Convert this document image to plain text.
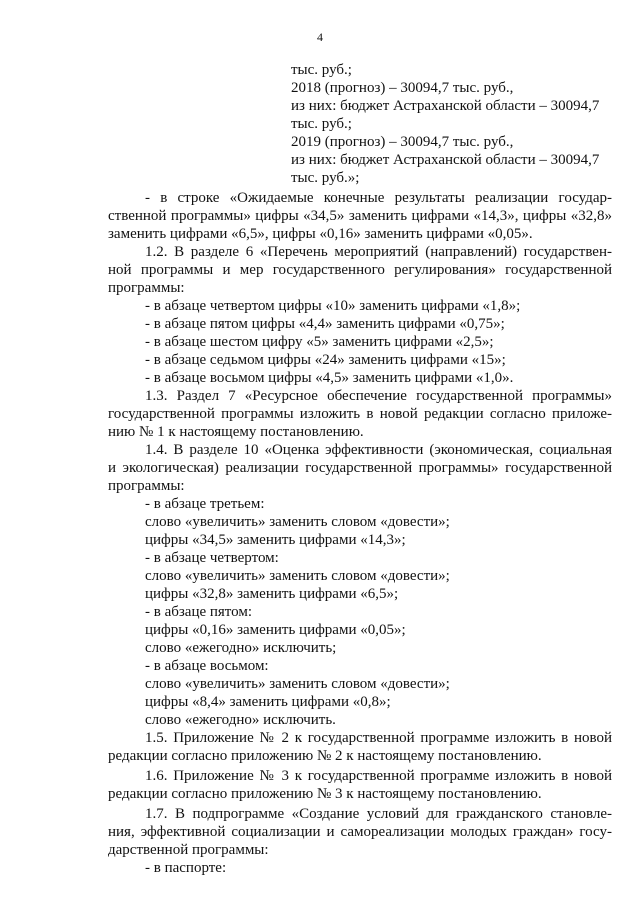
4
тыс. руб.;
2018 (прогноз) – 30094,7 тыс. руб.,
из них: бюджет Астраханской области – 30094,7
тыс. руб.;
2019 (прогноз) – 30094,7 тыс. руб.,
из них: бюджет Астраханской области – 30094,7
тыс. руб.»;
- в строке «Ожидаемые конечные результаты реализации государ-
ственной программы» цифры «34,5» заменить цифрами «14,3», цифры «32,8»
заменить цифрами «6,5», цифры «0,16» заменить цифрами «0,05».
1.2. В разделе 6 «Перечень мероприятий (направлений) государствен-
ной программы и мер государственного регулирования» государственной
программы:
- в абзаце четвертом цифры «10» заменить цифрами «1,8»;
- в абзаце пятом цифры «4,4» заменить цифрами «0,75»;
- в абзаце шестом цифру «5» заменить цифрами «2,5»;
- в абзаце седьмом цифры «24» заменить цифрами «15»;
- в абзаце восьмом цифры «4,5» заменить цифрами «1,0».
1.3. Раздел 7 «Ресурсное обеспечение государственной программы»
государственной программы изложить в новой редакции согласно приложе-
нию № 1 к настоящему постановлению.
1.4. В разделе 10 «Оценка эффективности (экономическая, социальная
и экологическая) реализации государственной программы» государственной
программы:
- в абзаце третьем:
слово «увеличить» заменить словом «довести»;
цифры «34,5» заменить цифрами «14,3»;
- в абзаце четвертом:
слово «увеличить» заменить словом «довести»;
цифры «32,8» заменить цифрами «6,5»;
- в абзаце пятом:
цифры «0,16» заменить цифрами «0,05»;
слово «ежегодно» исключить;
- в абзаце восьмом:
слово «увеличить» заменить словом «довести»;
цифры «8,4» заменить цифрами «0,8»;
слово «ежегодно» исключить.
1.5. Приложение № 2 к государственной программе изложить в новой
редакции согласно приложению № 2 к настоящему постановлению.
1.6. Приложение № 3 к государственной программе изложить в новой
редакции согласно приложению № 3 к настоящему постановлению.
1.7. В подпрограмме «Создание условий для гражданского становле-
ния, эффективной социализации и самореализации молодых граждан» госу-
дарственной программы:
- в паспорте:
